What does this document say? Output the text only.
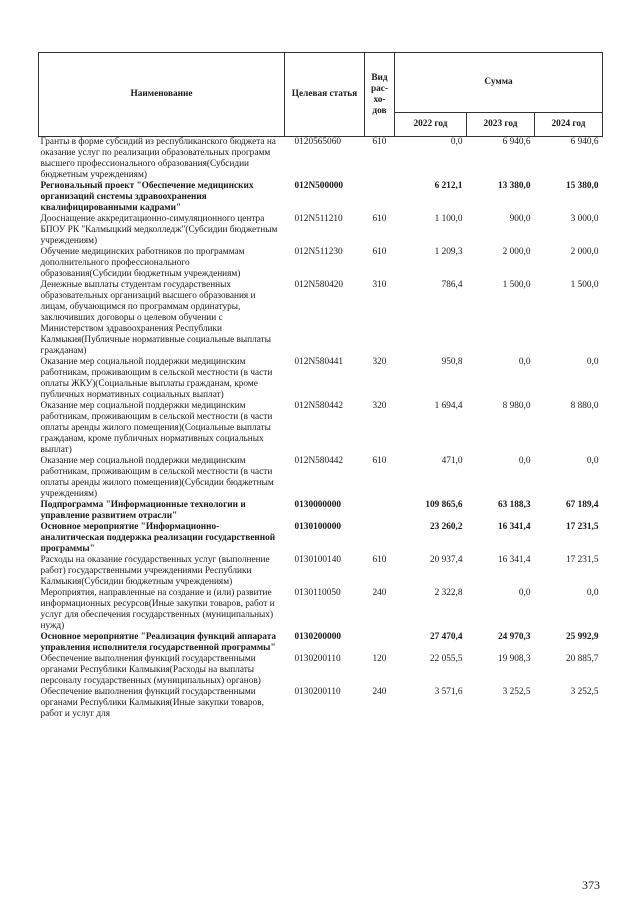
Наименование	Целевая статья	Вид рас-хо-дов	Сумма		
			2022 год	2023 год	2024 год
Гранты в форме субсидий из республиканского бюджета на оказание услуг по реализации образовательных программ высшего профессионального образования(Субсидии бюджетным учреждениям)	0120565060	610	0,0	6 940,6	6 940,6
Региональный проект "Обеспечение медицинских организаций системы здравоохранения квалифицированными кадрами"	012N500000		6 212,1	13 380,0	15 380,0
Дооснащение аккредитационно-симуляционного центра БПОУ РК "Калмыцкий медколледж"(Субсидии бюджетным учреждениям)	012N511210	610	1 100,0	900,0	3 000,0
Обучение медицинских работников по программам дополнительного профессионального образования(Субсидии бюджетным учреждениям)	012N511230	610	1 209,3	2 000,0	2 000,0
Денежные выплаты студентам государственных образовательных организаций высшего образования и лицам, обучающимся по программам ординатуры, заключивших договоры о целевом обучении с Министерством здравоохранения Республики Калмыкия(Публичные нормативные социальные выплаты гражданам)	012N580420	310	786,4	1 500,0	1 500,0
Оказание мер социальной поддержки медицинским работникам, проживающим в сельской местности (в части оплаты ЖКУ)(Социальные выплаты гражданам, кроме публичных нормативных социальных выплат)	012N580441	320	950,8	0,0	0,0
Оказание мер социальной поддержки медицинским работникам, проживающим в сельской местности (в части оплаты аренды жилого помещения)(Социальные выплаты гражданам, кроме публичных нормативных социальных выплат)	012N580442	320	1 694,4	8 980,0	8 880,0
Оказание мер социальной поддержки медицинским работникам, проживающим в сельской местности (в части оплаты аренды жилого помещения)(Субсидии бюджетным учреждениям)	012N580442	610	471,0	0,0	0,0
Подпрограмма "Информационные технологии и управление развитием отрасли"	0130000000		109 865,6	63 188,3	67 189,4
Основное мероприятие "Информационно-аналитическая поддержка реализации государственной программы"	0130100000		23 260,2	16 341,4	17 231,5
Расходы на оказание государственных услуг (выполнение работ) государственными учреждениями Республики Калмыкия(Субсидии бюджетным учреждениям)	0130100140	610	20 937,4	16 341,4	17 231,5
Мероприятия, направленные на создание и (или) развитие информационных ресурсов(Иные закупки товаров, работ и услуг для обеспечения государственных (муниципальных) нужд)	0130110050	240	2 322,8	0,0	0,0
Основное мероприятие "Реализация функций аппарата управления исполнителя государственной программы"	0130200000		27 470,4	24 970,3	25 992,9
Обеспечение выполнения функций государственными органами Республики Калмыкия(Расходы на выплаты персоналу государственных (муниципальных) органов)	0130200110	120	22 055,5	19 908,3	20 885,7
Обеспечение выполнения функций государственными органами Республики Калмыкия(Иные закупки товаров, работ и услуг для	0130200110	240	3 571,6	3 252,5	3 252,5
373
